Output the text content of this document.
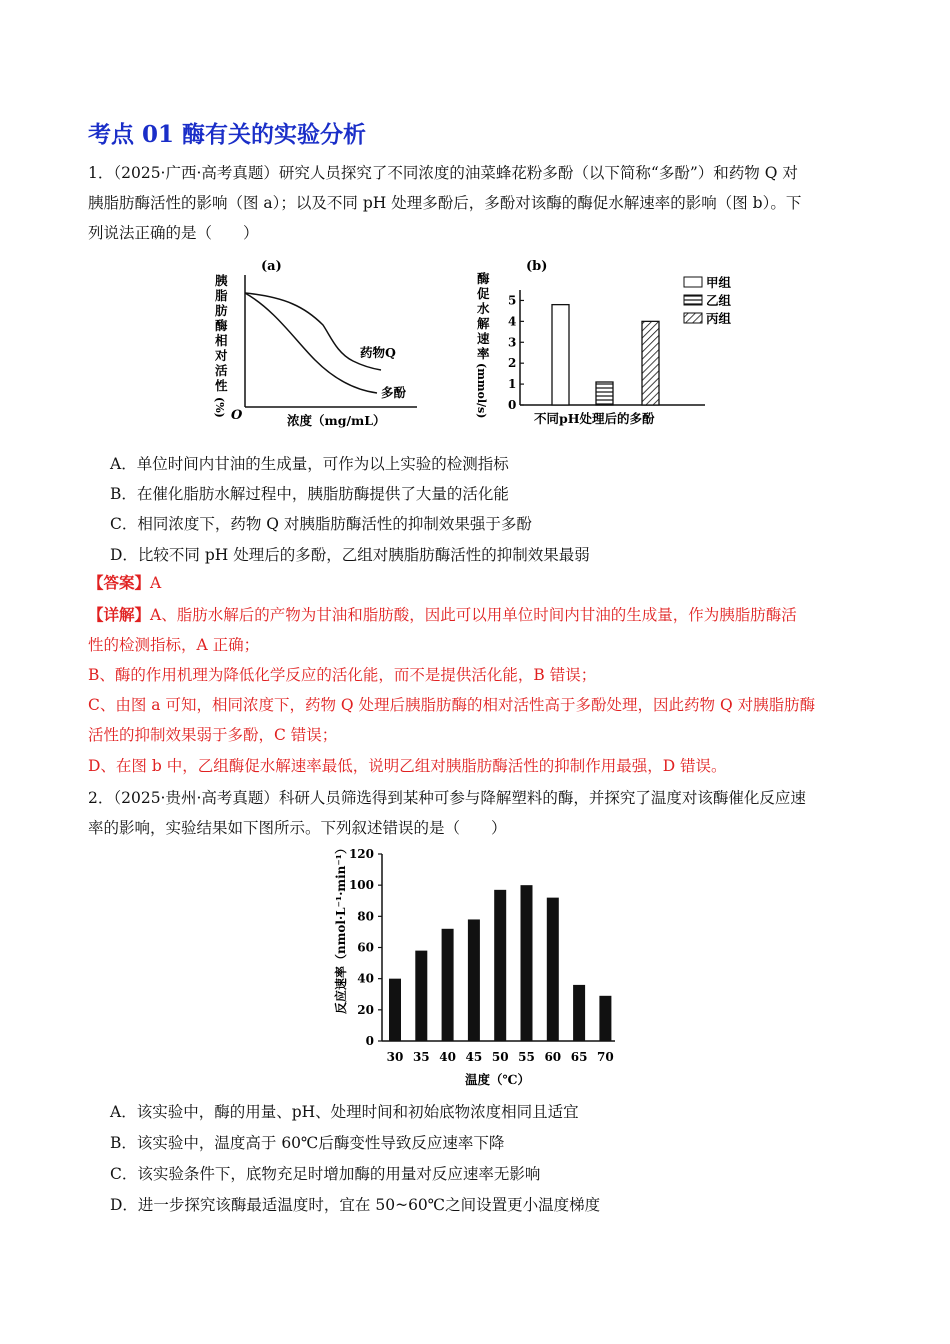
考点 01 酶有关的实验分析
1．（2025·广西·高考真题）研究人员探究了不同浓度的油菜蜂花粉多酚（以下简称“多酚”）和药物 Q 对
胰脂肪酶活性的影响（图 a）；以及不同 pH 处理多酚后，多酚对该酶的酶促水解速率的影响（图 b）。下
列说法正确的是（　　）
(a)
胰
脂
肪
酶
相
对
活
性
(%) O	浓度（mg/mL）
药物Q
多酚
(b)
酶
促
水
解
速
率
(mmol/s) 0
1
2
3
4
5
不同pH处理后的多酚
甲组
乙组
丙组
A．单位时间内甘油的生成量，可作为以上实验的检测指标
B．在催化脂肪水解过程中，胰脂肪酶提供了大量的活化能
C．相同浓度下，药物 Q 对胰脂肪酶活性的抑制效果强于多酚
D．比较不同 pH 处理后的多酚，乙组对胰脂肪酶活性的抑制效果最弱
【答案】A
【详解】A、脂肪水解后的产物为甘油和脂肪酸，因此可以用单位时间内甘油的生成量，作为胰脂肪酶活
性的检测指标，A 正确；
B、酶的作用机理为降低化学反应的活化能，而不是提供活化能，B 错误；
C、由图 a 可知，相同浓度下，药物 Q 处理后胰脂肪酶的相对活性高于多酚处理，因此药物 Q 对胰脂肪酶
活性的抑制效果弱于多酚，C 错误；
D、在图 b 中，乙组酶促水解速率最低，说明乙组对胰脂肪酶活性的抑制作用最强，D 错误。
2．（2025·贵州·高考真题）科研人员筛选得到某种可参与降解塑料的酶，并探究了温度对该酶催化反应速
率的影响，实验结果如下图所示。下列叙述错误的是（　　）
0
20
40
60
80
100
120
30 35 40 45 50 55 60 65 70
反应速率（nmol·L⁻¹·min⁻¹）
温度（℃）
A．该实验中，酶的用量、pH、处理时间和初始底物浓度相同且适宜
B．该实验中，温度高于 60℃后酶变性导致反应速率下降
C．该实验条件下，底物充足时增加酶的用量对反应速率无影响
D．进一步探究该酶最适温度时，宜在 50~60℃之间设置更小温度梯度
